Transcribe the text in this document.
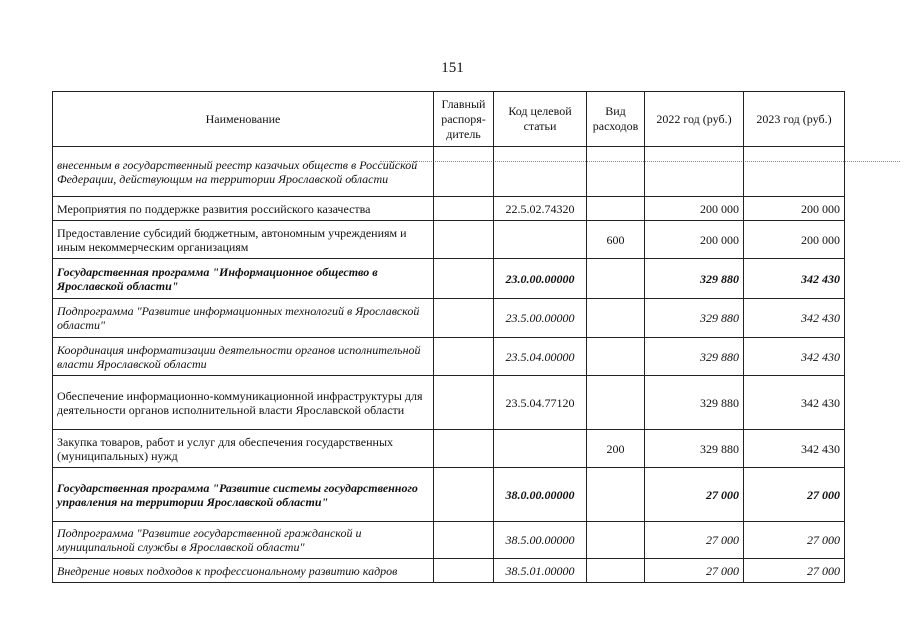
151
Наименование	Главный распоря-дитель	Код целевой статьи	Вид расходов	2022 год (руб.)	2023 год (руб.)
внесенным в государственный реестр казачьих обществ в Российской Федерации, действующим на территории Ярославской области					
Мероприятия по поддержке развития российского казачества		22.5.02.74320		200 000	200 000
Предоставление субсидий бюджетным, автономным учреждениям и иным некоммерческим организациям			600	200 000	200 000
Государственная программа "Информационное общество в Ярославской области"		23.0.00.00000		329 880	342 430
Подпрограмма "Развитие информационных технологий в Ярославской области"		23.5.00.00000		329 880	342 430
Координация информатизации деятельности органов исполнительной власти Ярославской области		23.5.04.00000		329 880	342 430
Обеспечение информационно-коммуникационной инфраструктуры для деятельности органов исполнительной власти Ярославской области		23.5.04.77120		329 880	342 430
Закупка товаров, работ и услуг для обеспечения государственных (муниципальных) нужд			200	329 880	342 430
Государственная программа "Развитие системы государственного управления на территории Ярославской области"		38.0.00.00000		27 000	27 000
Подпрограмма "Развитие государственной гражданской и муниципальной службы в Ярославской области"		38.5.00.00000		27 000	27 000
Внедрение новых подходов к профессиональному развитию кадров		38.5.01.00000		27 000	27 000
